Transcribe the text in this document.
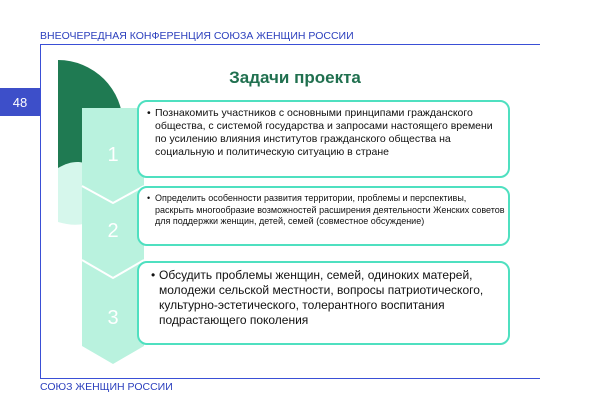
ВНЕОЧЕРЕДНАЯ КОНФЕРЕНЦИЯ СОЮЗА ЖЕНЩИН РОССИИ
48
1
2
3
Задачи проекта
• Познакомить участников с основными принципами гражданского общества, с системой государства и запросами настоящего времени по усилению влияния институтов гражданского общества на социальную и политическую ситуацию в стране

• Определить особенности развития территории, проблемы и перспективы, раскрыть многообразие возможностей расширения деятельности Женских советов для поддержки женщин, детей, семей (совместное обсуждение)

• Обсудить проблемы женщин, семей, одиноких матерей, молодежи сельской местности, вопросы патриотического, культурно-эстетического, толерантного воспитания подрастающего поколения

СОЮЗ ЖЕНЩИН РОССИИ
